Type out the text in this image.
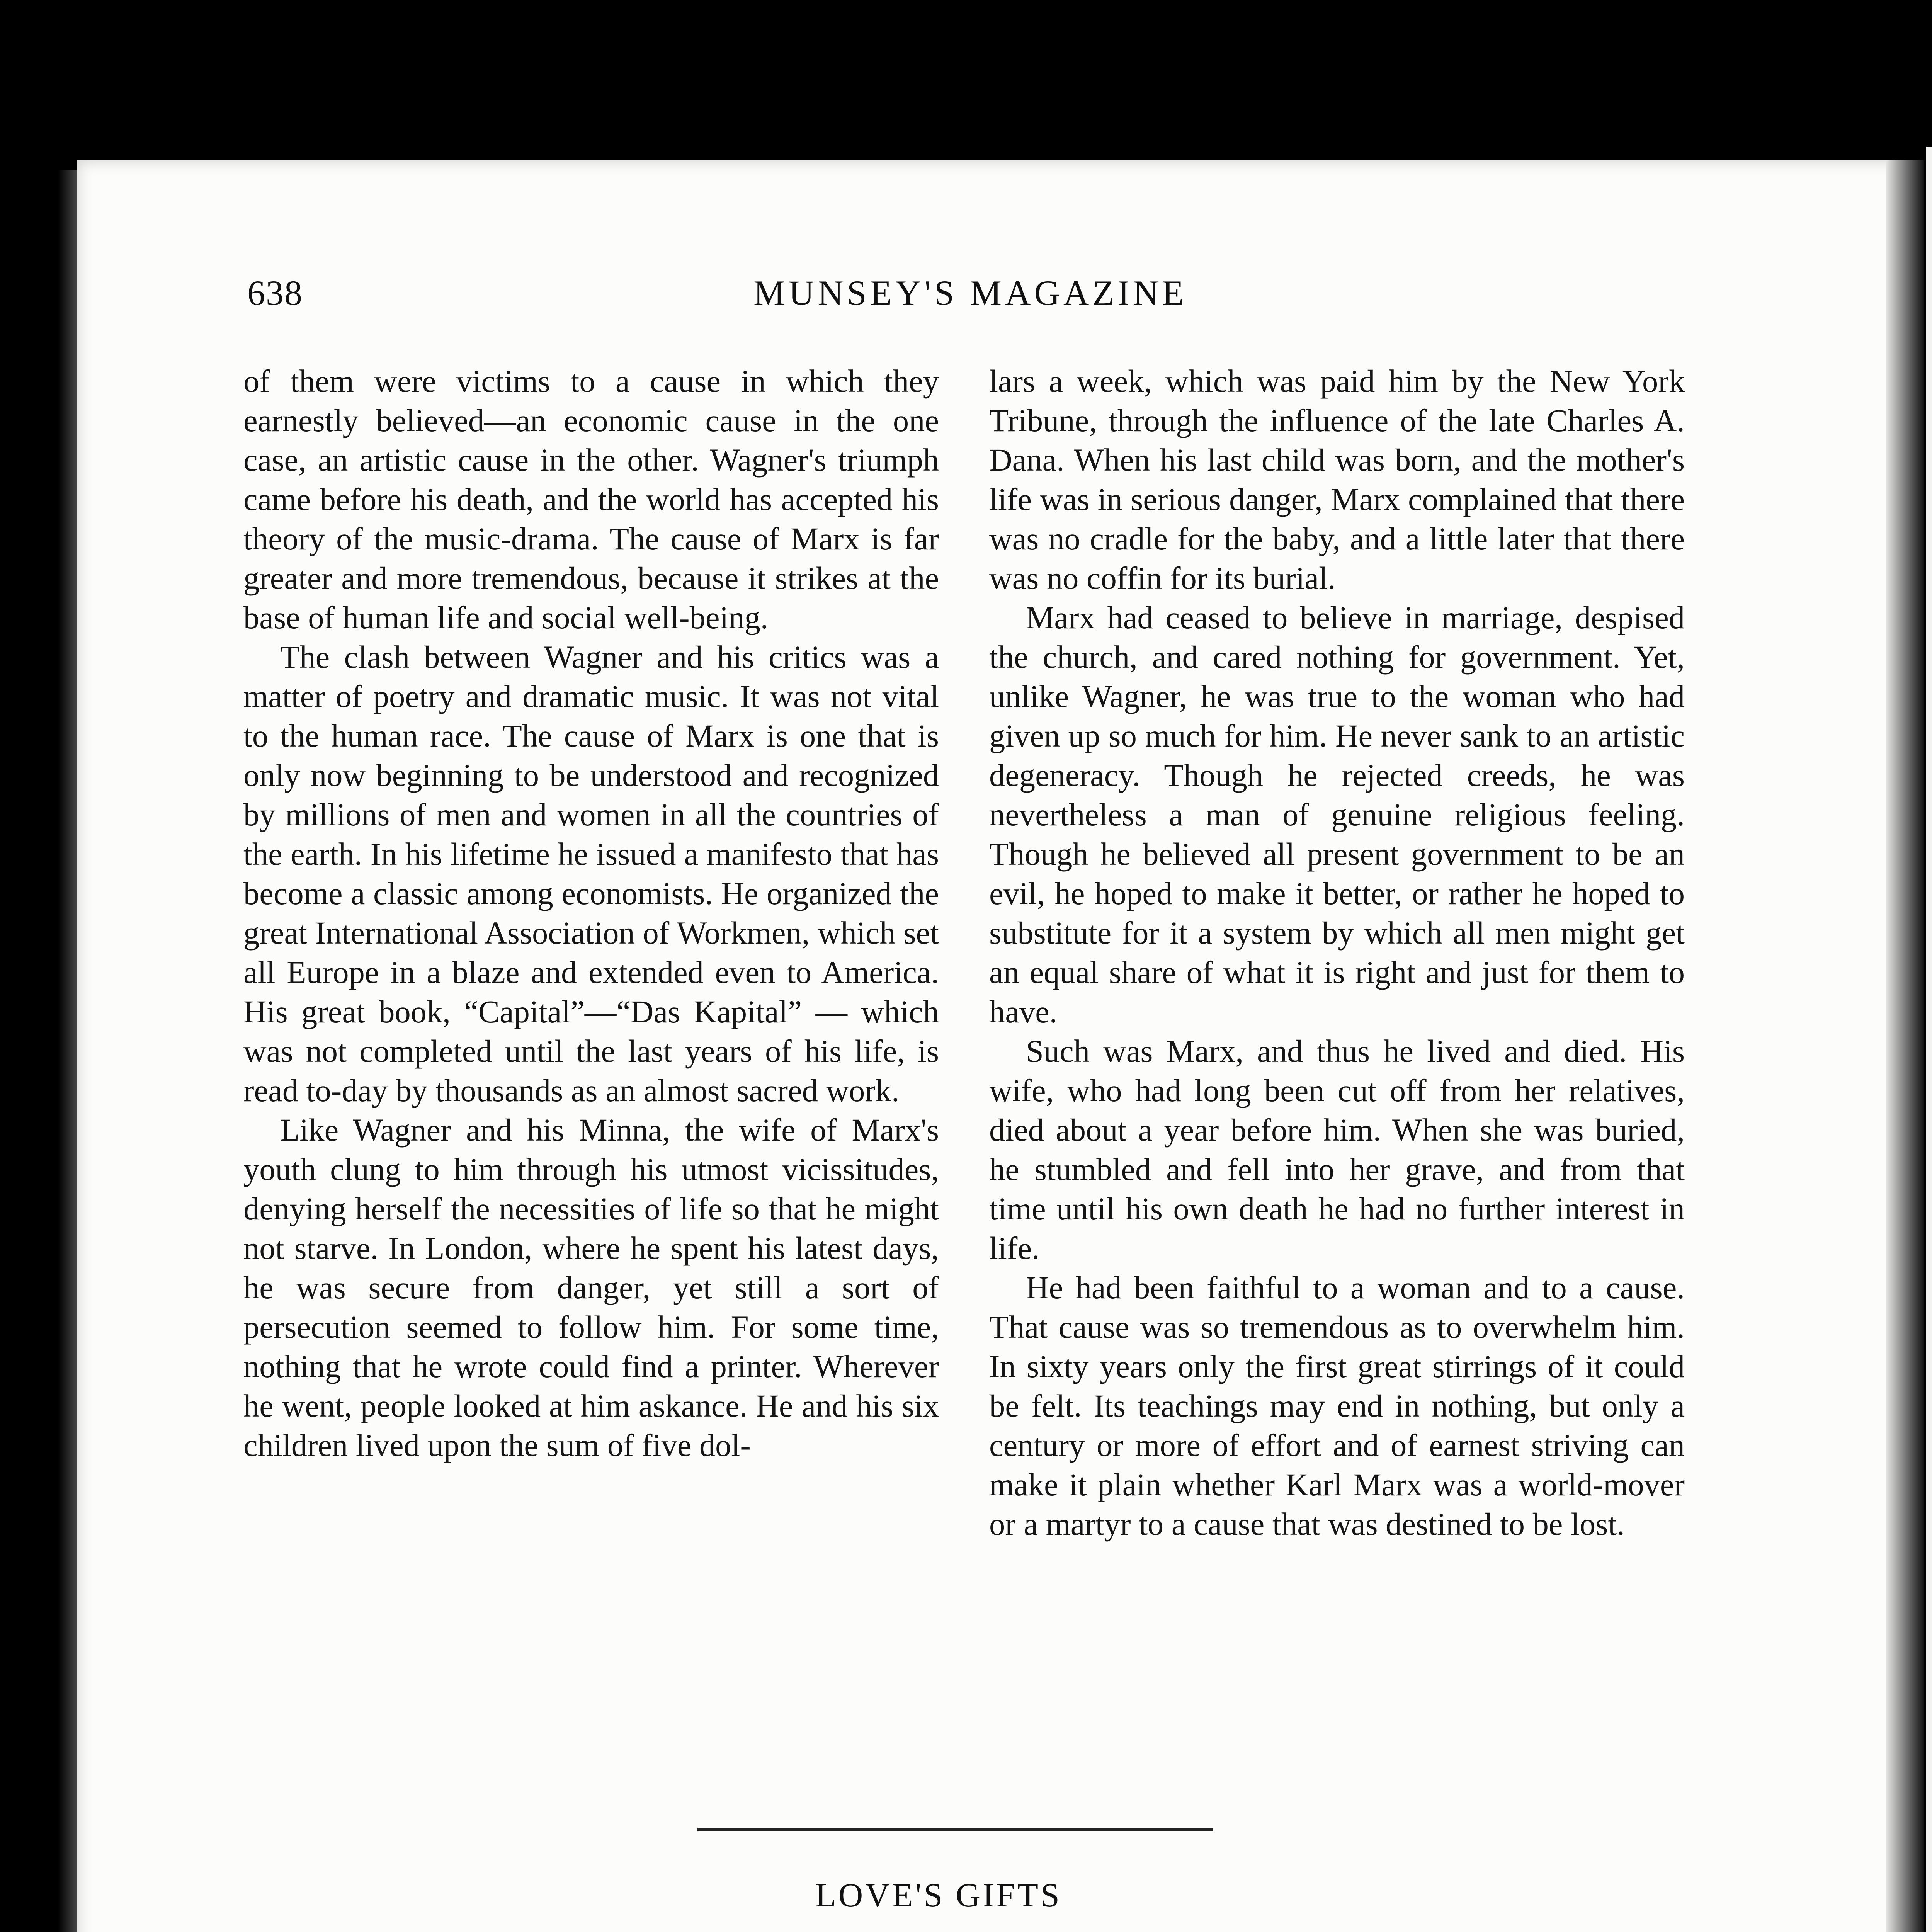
638	MUNSEY'S MAGAZINE

of them were victims to a cause in which they earnestly believed—an economic cause in the one case, an artistic cause in the other. Wagner's triumph came before his death, and the world has accepted his theory of the music-drama. The cause of Marx is far greater and more tremendous, because it strikes at the base of human life and social well-being.

The clash between Wagner and his critics was a matter of poetry and dramatic music. It was not vital to the human race. The cause of Marx is one that is only now beginning to be understood and recognized by millions of men and women in all the countries of the earth. In his lifetime he issued a manifesto that has become a classic among economists. He organized the great International Association of Workmen, which set all Europe in a blaze and extended even to America. His great book, “Capital”—“Das Kapital” — which was not completed until the last years of his life, is read to-day by thousands as an almost sacred work.

Like Wagner and his Minna, the wife of Marx's youth clung to him through his utmost vicissitudes, denying herself the necessities of life so that he might not starve. In London, where he spent his latest days, he was secure from danger, yet still a sort of persecution seemed to follow him. For some time, nothing that he wrote could find a printer. Wherever he went, people looked at him askance. He and his six children lived upon the sum of five dol-

lars a week, which was paid him by the New York Tribune, through the influence of the late Charles A. Dana. When his last child was born, and the mother's life was in serious danger, Marx complained that there was no cradle for the baby, and a little later that there was no coffin for its burial.

Marx had ceased to believe in marriage, despised the church, and cared nothing for government. Yet, unlike Wagner, he was true to the woman who had given up so much for him. He never sank to an artistic degeneracy. Though he rejected creeds, he was nevertheless a man of genuine religious feeling. Though he believed all present government to be an evil, he hoped to make it better, or rather he hoped to substitute for it a system by which all men might get an equal share of what it is right and just for them to have.

Such was Marx, and thus he lived and died. His wife, who had long been cut off from her relatives, died about a year before him. When she was buried, he stumbled and fell into her grave, and from that time until his own death he had no further interest in life.

He had been faithful to a woman and to a cause. That cause was so tremendous as to overwhelm him. In sixty years only the first great stirrings of it could be felt. Its teachings may end in nothing, but only a century or more of effort and of earnest striving can make it plain whether Karl Marx was a world-mover or a martyr to a cause that was destined to be lost.

LOVE'S GIFTS
